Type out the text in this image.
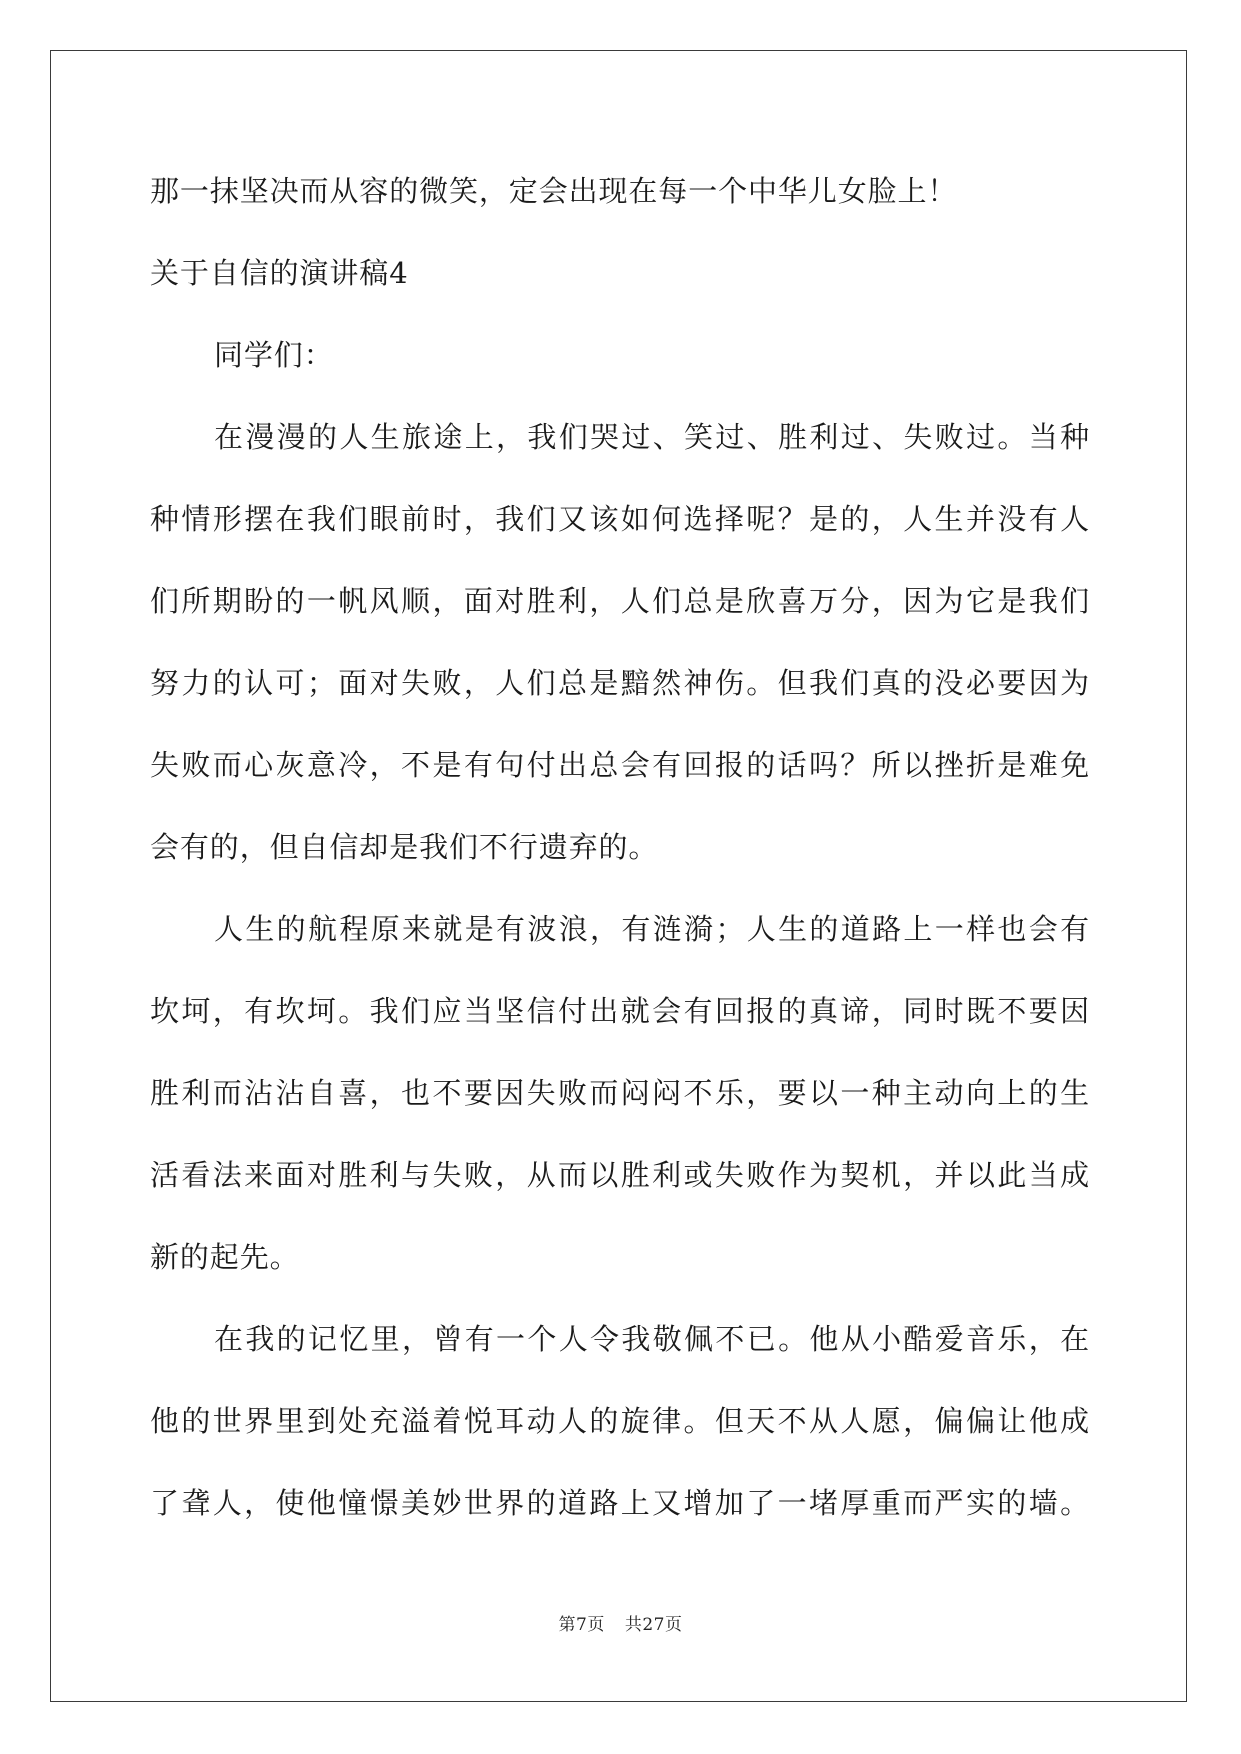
那一抹坚决而从容的微笑，定会出现在每一个中华儿女脸上！
关于自信的演讲稿4
同学们：
在漫漫的人生旅途上，我们哭过、笑过、胜利过、失败过。当种
种情形摆在我们眼前时，我们又该如何选择呢？是的，人生并没有人
们所期盼的一帆风顺，面对胜利，人们总是欣喜万分，因为它是我们
努力的认可；面对失败，人们总是黯然神伤。但我们真的没必要因为
失败而心灰意冷，不是有句付出总会有回报的话吗？所以挫折是难免
会有的，但自信却是我们不行遗弃的。
人生的航程原来就是有波浪，有涟漪；人生的道路上一样也会有
坎坷，有坎坷。我们应当坚信付出就会有回报的真谛，同时既不要因
胜利而沾沾自喜，也不要因失败而闷闷不乐，要以一种主动向上的生
活看法来面对胜利与失败，从而以胜利或失败作为契机，并以此当成
新的起先。
在我的记忆里，曾有一个人令我敬佩不已。他从小酷爱音乐，在
他的世界里到处充溢着悦耳动人的旋律。但天不从人愿，偏偏让他成
了聋人，使他憧憬美妙世界的道路上又增加了一堵厚重而严实的墙。
第7页 共27页
